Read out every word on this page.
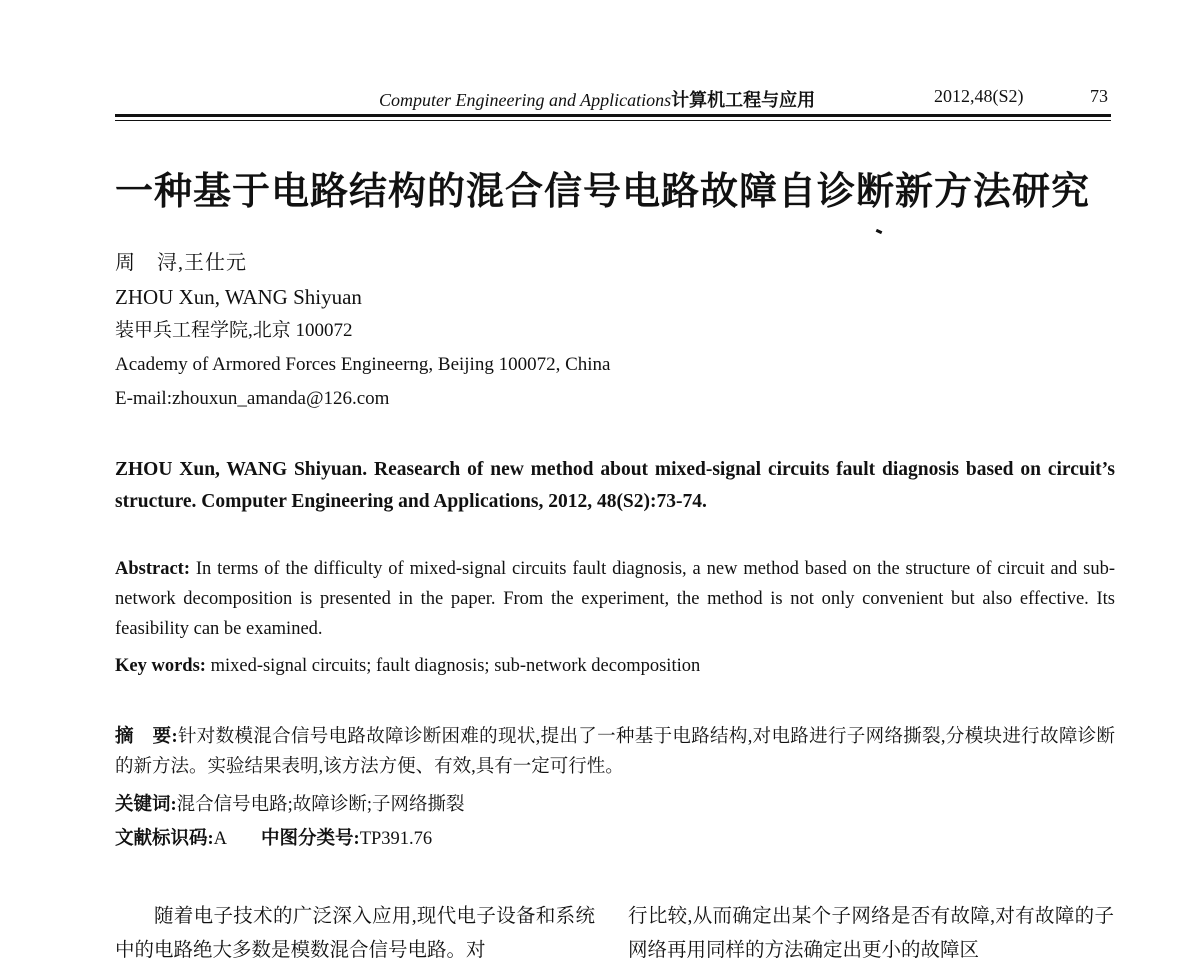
Computer Engineering and Applications计算机工程与应用	2012,48(S2)	73
一种基于电路结构的混合信号电路故障自诊断新方法研究
周　浔,王仕元
ZHOU Xun, WANG Shiyuan
装甲兵工程学院,北京 100072
Academy of Armored Forces Engineerng, Beijing 100072, China
E-mail:zhouxun_amanda@126.com
ZHOU Xun, WANG Shiyuan. Reasearch of new method about mixed-signal circuits fault diagnosis based on circuit’s structure. Computer Engineering and Applications, 2012, 48(S2):73-74.
Abstract: In terms of the difficulty of mixed-signal circuits fault diagnosis, a new method based on the structure of circuit and sub-network decomposition is presented in the paper. From the experiment, the method is not only convenient but also effective. Its feasibility can be examined.
Key words: mixed-signal circuits; fault diagnosis; sub-network decomposition
摘　要:针对数模混合信号电路故障诊断困难的现状,提出了一种基于电路结构,对电路进行子网络撕裂,分模块进行故障诊断的新方法。实验结果表明,该方法方便、有效,具有一定可行性。
关键词:混合信号电路;故障诊断;子网络撕裂
文献标识码:A 中图分类号:TP391.76
随着电子技术的广泛深入应用,现代电子设备和系统中的电路绝大多数是模数混合信号电路。对
行比较,从而确定出某个子网络是否有故障,对有故障的子网络再用同样的方法确定出更小的故障区
